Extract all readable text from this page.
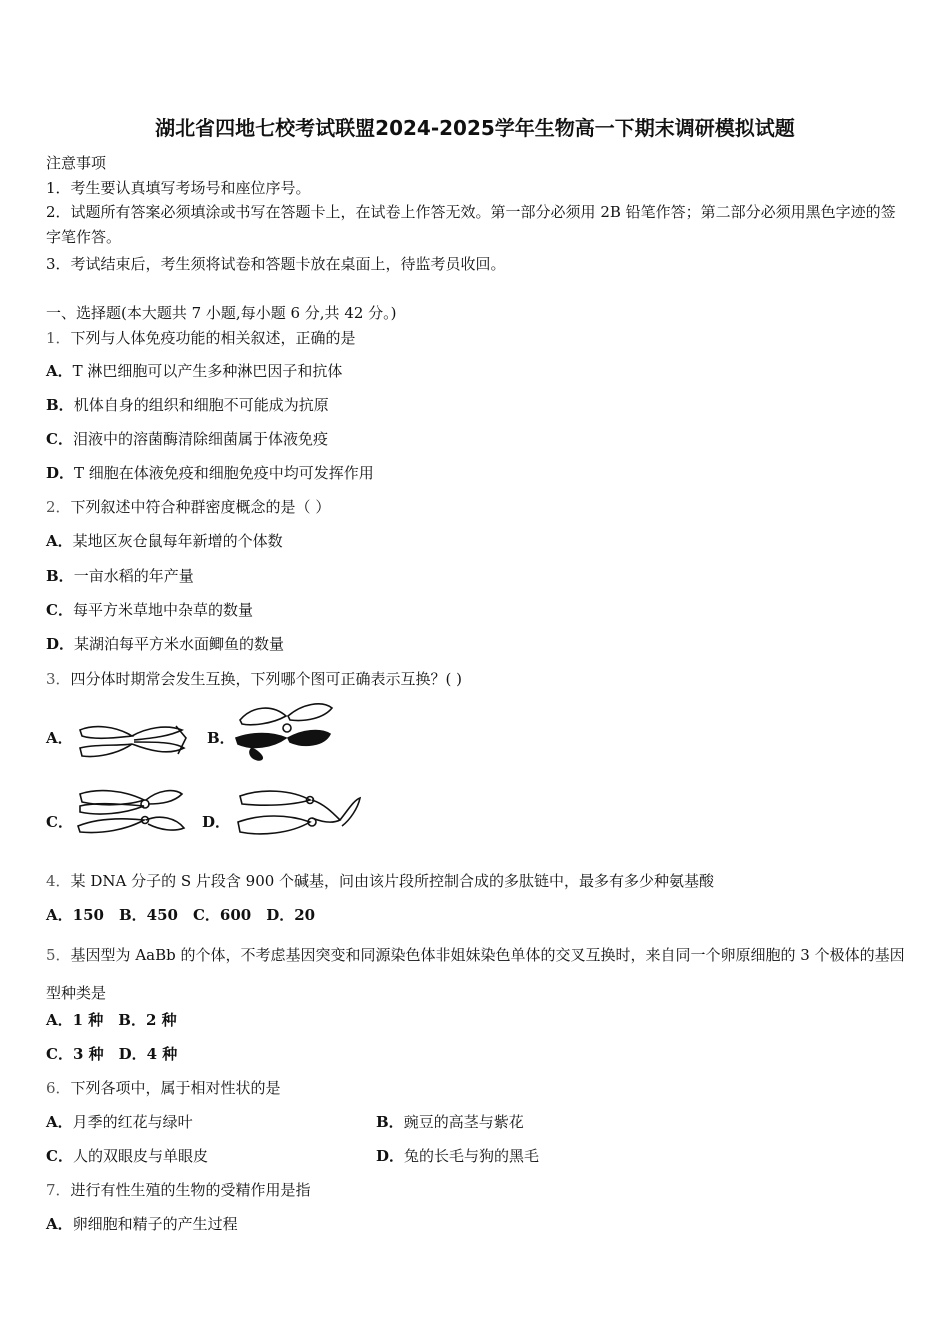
湖北省四地七校考试联盟2024-2025学年生物高一下期末调研模拟试题
注意事项
1．考生要认真填写考场号和座位序号。
2．试题所有答案必须填涂或书写在答题卡上，在试卷上作答无效。第一部分必须用 2B 铅笔作答；第二部分必须用黑色字迹的签字笔作答。
3．考试结束后，考生须将试卷和答题卡放在桌面上，待监考员收回。
一、选择题(本大题共 7 小题,每小题 6 分,共 42 分。)
1．下列与人体免疫功能的相关叙述，正确的是
A．T 淋巴细胞可以产生多种淋巴因子和抗体
B．机体自身的组织和细胞不可能成为抗原
C．泪液中的溶菌酶清除细菌属于体液免疫
D．T 细胞在体液免疫和细胞免疫中均可发挥作用
2．下列叙述中符合种群密度概念的是（ ）
A．某地区灰仓鼠每年新增的个体数
B．一亩水稻的年产量
C．每平方米草地中杂草的数量
D．某湖泊每平方米水面鲫鱼的数量
3．四分体时期常会发生互换，下列哪个图可正确表示互换？( )
A．	B．
C．	D．
4．某 DNA 分子的 S 片段含 900 个碱基，问由该片段所控制合成的多肽链中，最多有多少种氨基酸
A．150　B．450　C．600　D．20
5．基因型为 AaBb 的个体，不考虑基因突变和同源染色体非姐妹染色单体的交叉互换时，来自同一个卵原细胞的 3 个极体的基因型种类是
A．1 种　B．2 种
C．3 种　D．4 种
6．下列各项中，属于相对性状的是
A．月季的红花与绿叶	B．豌豆的高茎与紫花
C．人的双眼皮与单眼皮	D．兔的长毛与狗的黑毛
7．进行有性生殖的生物的受精作用是指
A．卵细胞和精子的产生过程
